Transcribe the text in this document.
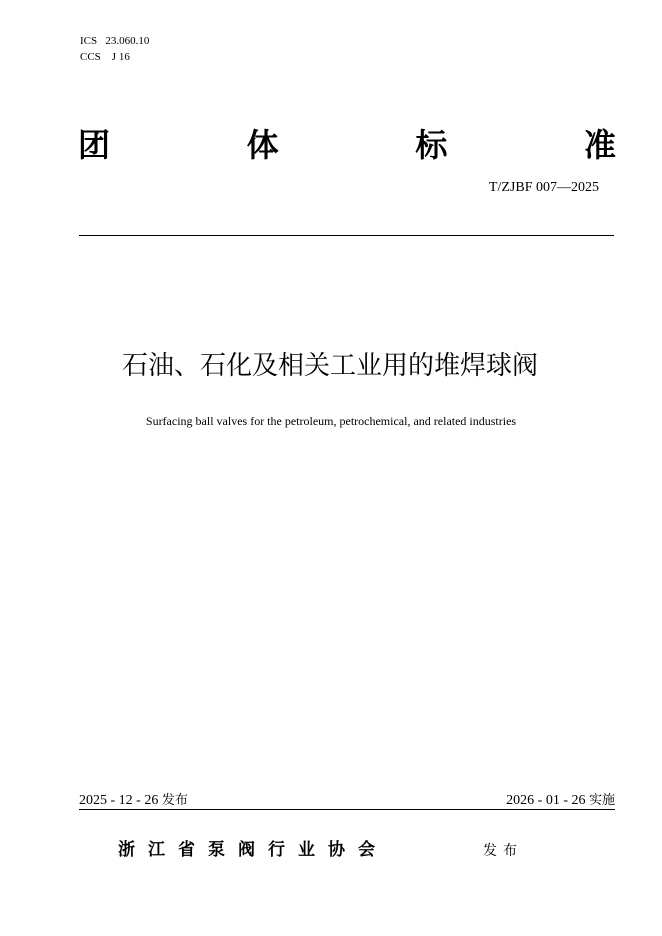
ICS   23.060.10
CCS    J 16
团	体	标	准
T/ZJBF 007—2025
石油、石化及相关工业用的堆焊球阀
Surfacing ball valves for the petroleum, petrochemical, and related industries
2025 - 12 - 26 发布	2026 - 01 - 26 实施
浙江省泵阀行业协会	发布
